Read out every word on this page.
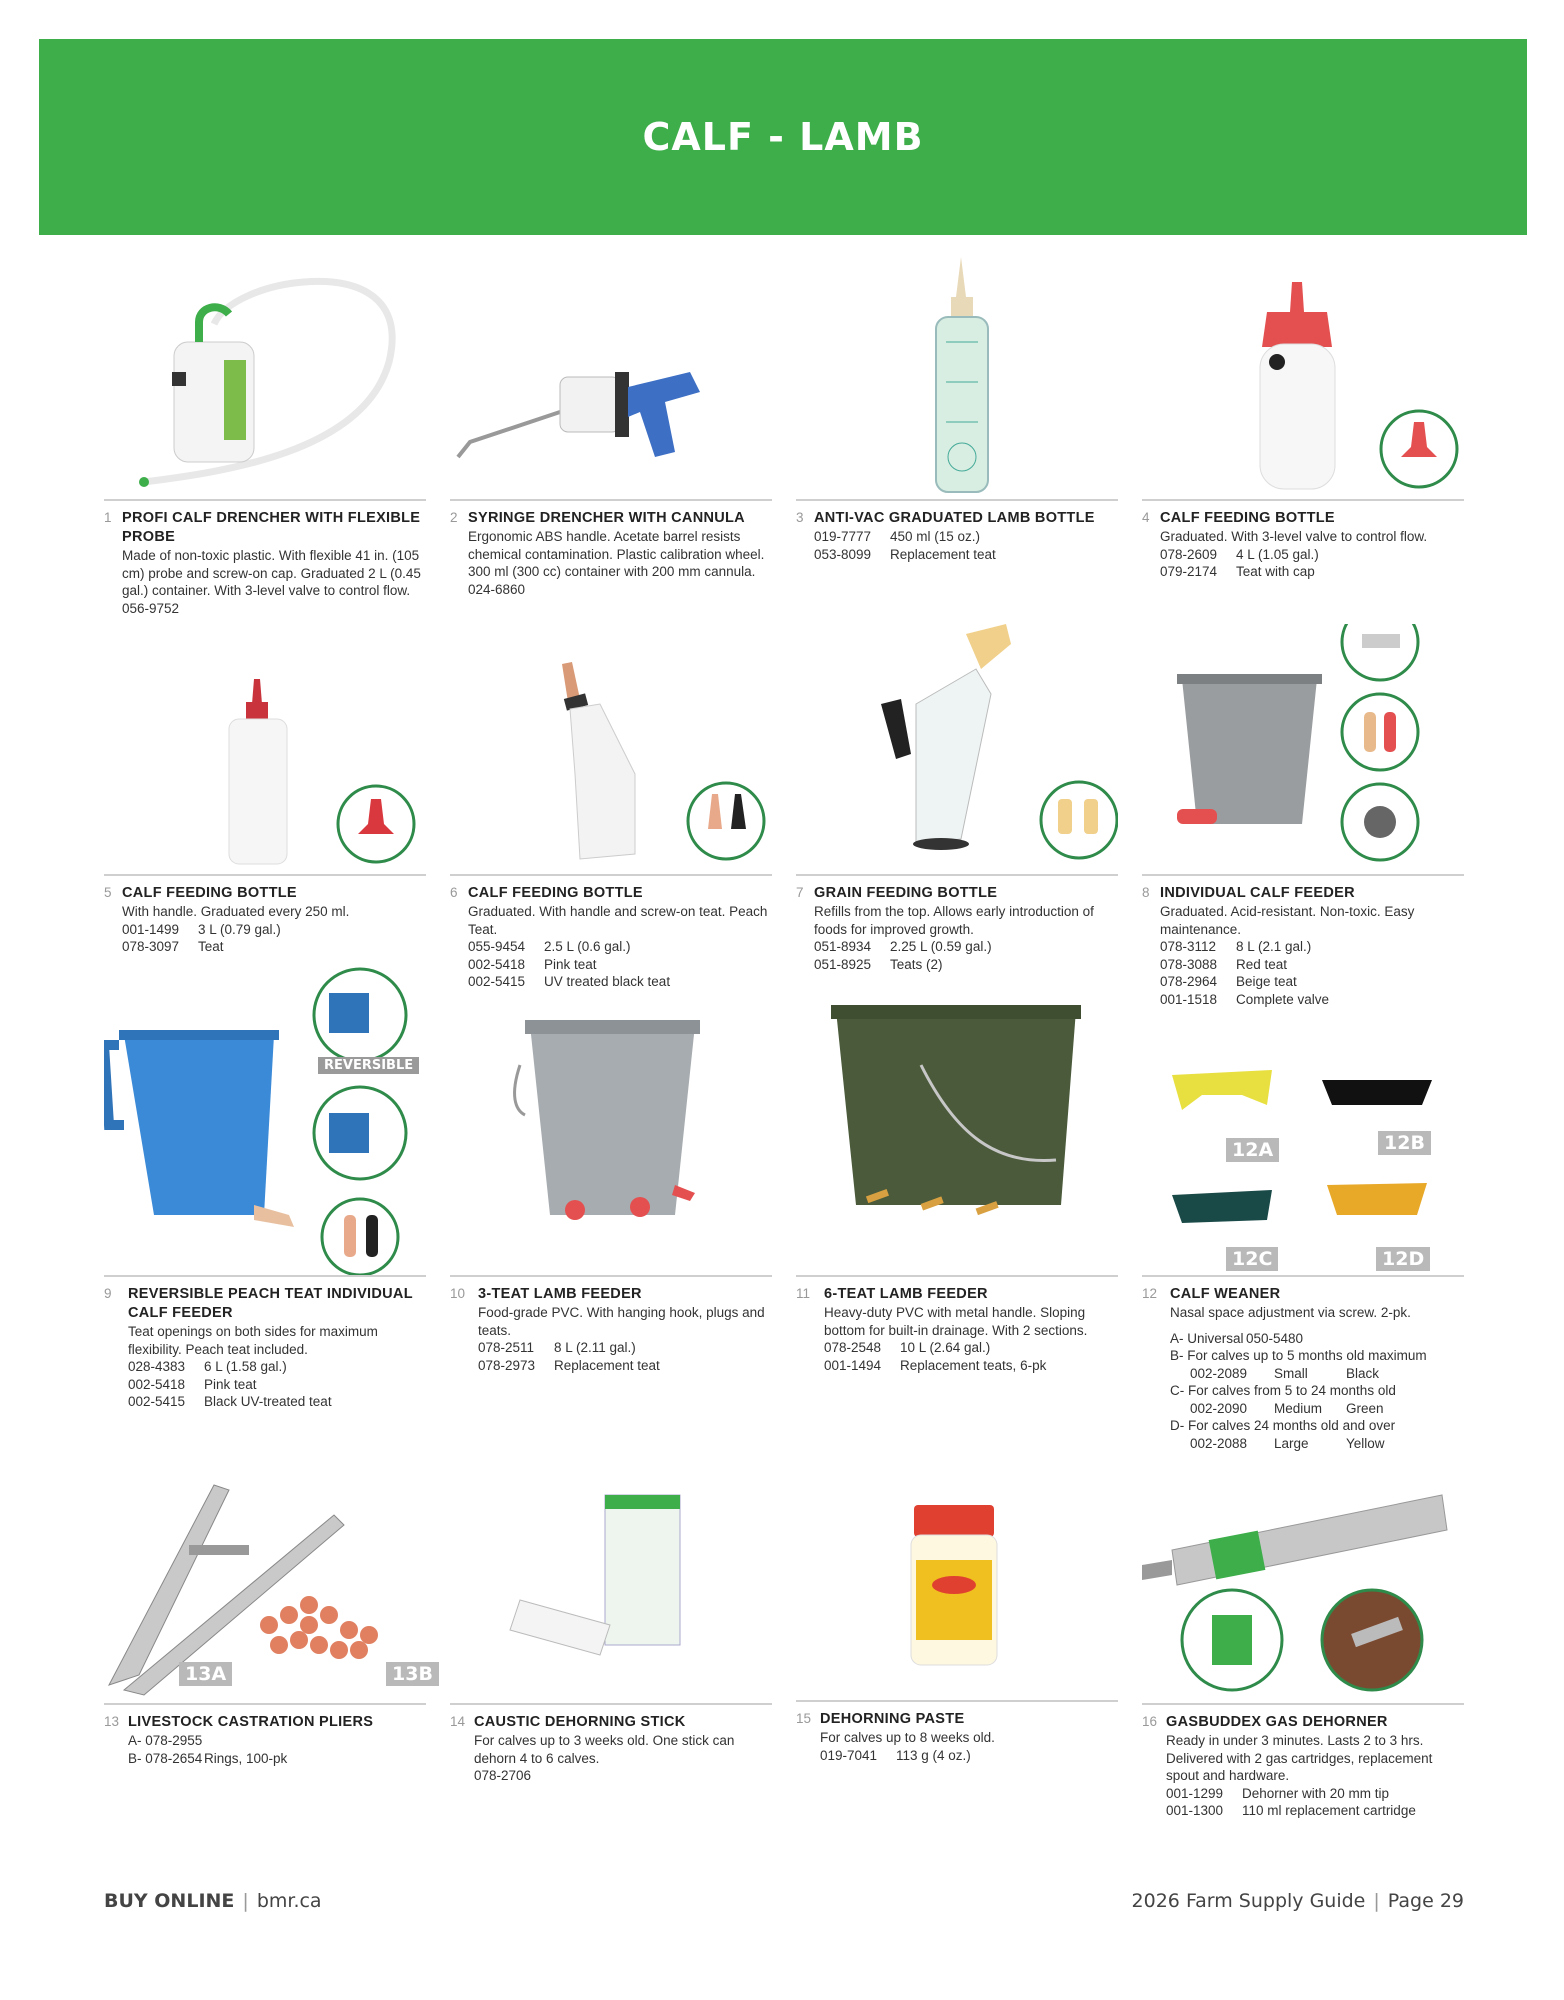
CALF - LAMB
1 PROFI CALF DRENCHER WITH FLEXIBLE PROBE
Made of non-toxic plastic. With flexible 41 in. (105 cm) probe and screw-on cap. Graduated 2 L (0.45 gal.) container. With 3-level valve to control flow.
056-9752
2 SYRINGE DRENCHER WITH CANNULA
Ergonomic ABS handle. Acetate barrel resists chemical contamination. Plastic calibration wheel. 300 ml (300 cc) container with 200 mm cannula.
024-6860
3 ANTI-VAC GRADUATED LAMB BOTTLE
019-7777	450 ml (15 oz.)
053-8099	Replacement teat
4 CALF FEEDING BOTTLE
Graduated. With 3-level valve to control flow.
078-2609	4 L (1.05 gal.)
079-2174	Teat with cap
5 CALF FEEDING BOTTLE
With handle. Graduated every 250 ml.
001-1499	3 L (0.79 gal.)
078-3097	Teat
6 CALF FEEDING BOTTLE
Graduated. With handle and screw-on teat. Peach Teat.
055-9454	2.5 L (0.6 gal.)
002-5418	Pink teat
002-5415	UV treated black teat
7 GRAIN FEEDING BOTTLE
Refills from the top. Allows early introduction of foods for improved growth.
051-8934	2.25 L (0.59 gal.)
051-8925	Teats (2)
8 INDIVIDUAL CALF FEEDER
Graduated. Acid-resistant. Non-toxic. Easy maintenance.
078-3112	8 L (2.1 gal.)
078-3088	Red teat
078-2964	Beige teat
001-1518	Complete valve
REVERSIBLE
9	REVERSIBLE PEACH TEAT INDIVIDUAL CALF FEEDER
Teat openings on both sides for maximum flexibility. Peach teat included.
028-4383	6 L (1.58 gal.)
002-5418	Pink teat
002-5415	Black UV-treated teat
10 3-TEAT LAMB FEEDER
Food-grade PVC. With hanging hook, plugs and teats.
078-2511	8 L (2.11 gal.)
078-2973	Replacement teat
11 6-TEAT LAMB FEEDER
Heavy-duty PVC with metal handle. Sloping bottom for built-in drainage. With 2 sections.
078-2548	10 L (2.64 gal.)
001-1494	Replacement teats, 6-pk
12A	12B
12C	12D
12 CALF WEANER
Nasal space adjustment via screw. 2-pk.
A- Universal 050-5480
B- For calves up to 5 months old maximum
002-2089	Small	Black
C- For calves from 5 to 24 months old
002-2090	Medium	Green
D- For calves 24 months old and over
002-2088	Large	Yellow
13A	13B
13 LIVESTOCK CASTRATION PLIERS
A- 078-2955
B- 078-2654 Rings, 100-pk
14 CAUSTIC DEHORNING STICK
For calves up to 3 weeks old. One stick can dehorn 4 to 6 calves.
078-2706
15 DEHORNING PASTE
For calves up to 8 weeks old.
019-7041	113 g (4 oz.)
16 GASBUDDEX GAS DEHORNER
Ready in under 3 minutes. Lasts 2 to 3 hrs. Delivered with 2 gas cartridges, replacement spout and hardware.
001-1299	Dehorner with 20 mm tip
001-1300	110 ml replacement cartridge
BUY ONLINE | bmr.ca	2026 Farm Supply Guide | Page 29
